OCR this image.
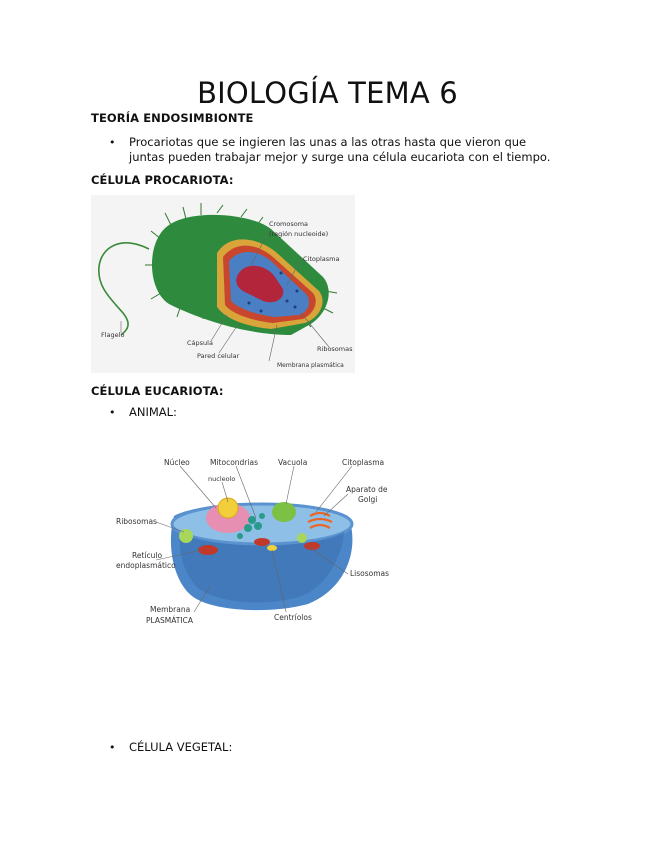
BIOLOGÍA TEMA 6
TEORÍA ENDOSIMBIONTE
• Procariotas que se ingieren las unas a las otras hasta que vieron que
juntas pueden trabajar mejor y surge una célula eucariota con el tiempo.
CÉLULA PROCARIOTA:
Cromosoma
(región nucleoide)
Citoplasma
Flagelo
Cápsula
Pared celular
Membrana plasmática
Ribosomas
CÉLULA EUCARIOTA:
• ANIMAL:
Núcleo
nucleolo
Mitocondrias	Vacuola	Citoplasma
Aparato de
Golgi
Ribosomas
Retículo
endoplasmático
Lisosomas
Membrana
PLASMÁTICA	Centríolos
• CÉLULA VEGETAL:
